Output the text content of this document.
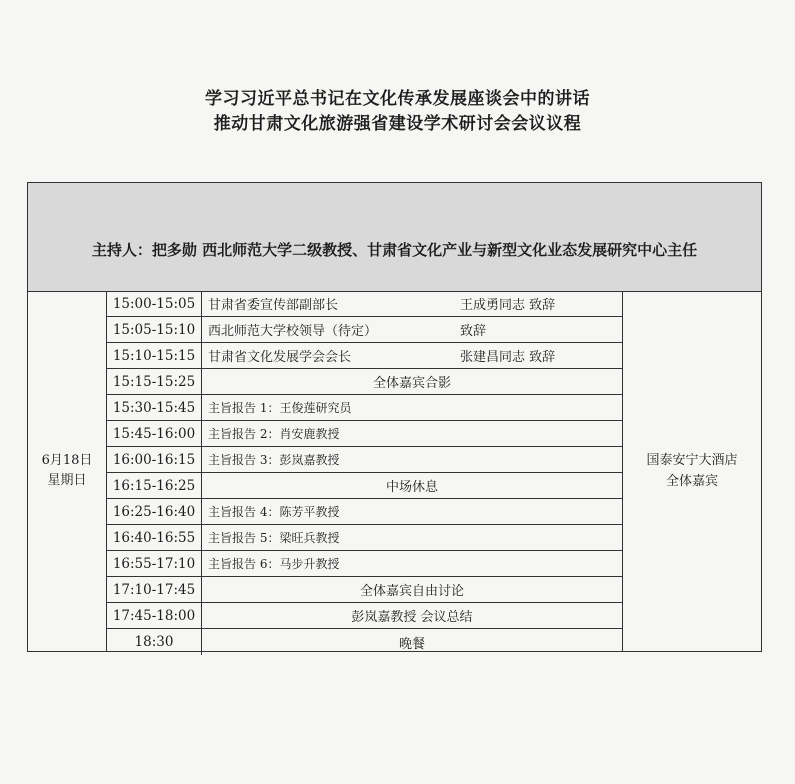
学习习近平总书记在文化传承发展座谈会中的讲话
推动甘肃文化旅游强省建设学术研讨会会议议程
主持人：把多勋 西北师范大学二级教授、甘肃省文化产业与新型文化业态发展研究中心主任
6月18日
星期日
15:00-15:05 甘肃省委宣传部副部长	王成勇同志 致辞
15:05-15:10 西北师范大学校领导（待定）	致辞
15:10-15:15 甘肃省文化发展学会会长	张建昌同志 致辞
15:15-15:25	全体嘉宾合影
15:30-15:45	主旨报告 1：王俊莲研究员
15:45-16:00	主旨报告 2：肖安鹿教授
16:00-16:15	主旨报告 3：彭岚嘉教授
16:15-16:25	中场休息
16:25-16:40	主旨报告 4：陈芳平教授
16:40-16:55	主旨报告 5：梁旺兵教授
16:55-17:10	主旨报告 6：马步升教授
17:10-17:45	全体嘉宾自由讨论
17:45-18:00	彭岚嘉教授 会议总结
18:30	晚餐
国泰安宁大酒店
全体嘉宾
